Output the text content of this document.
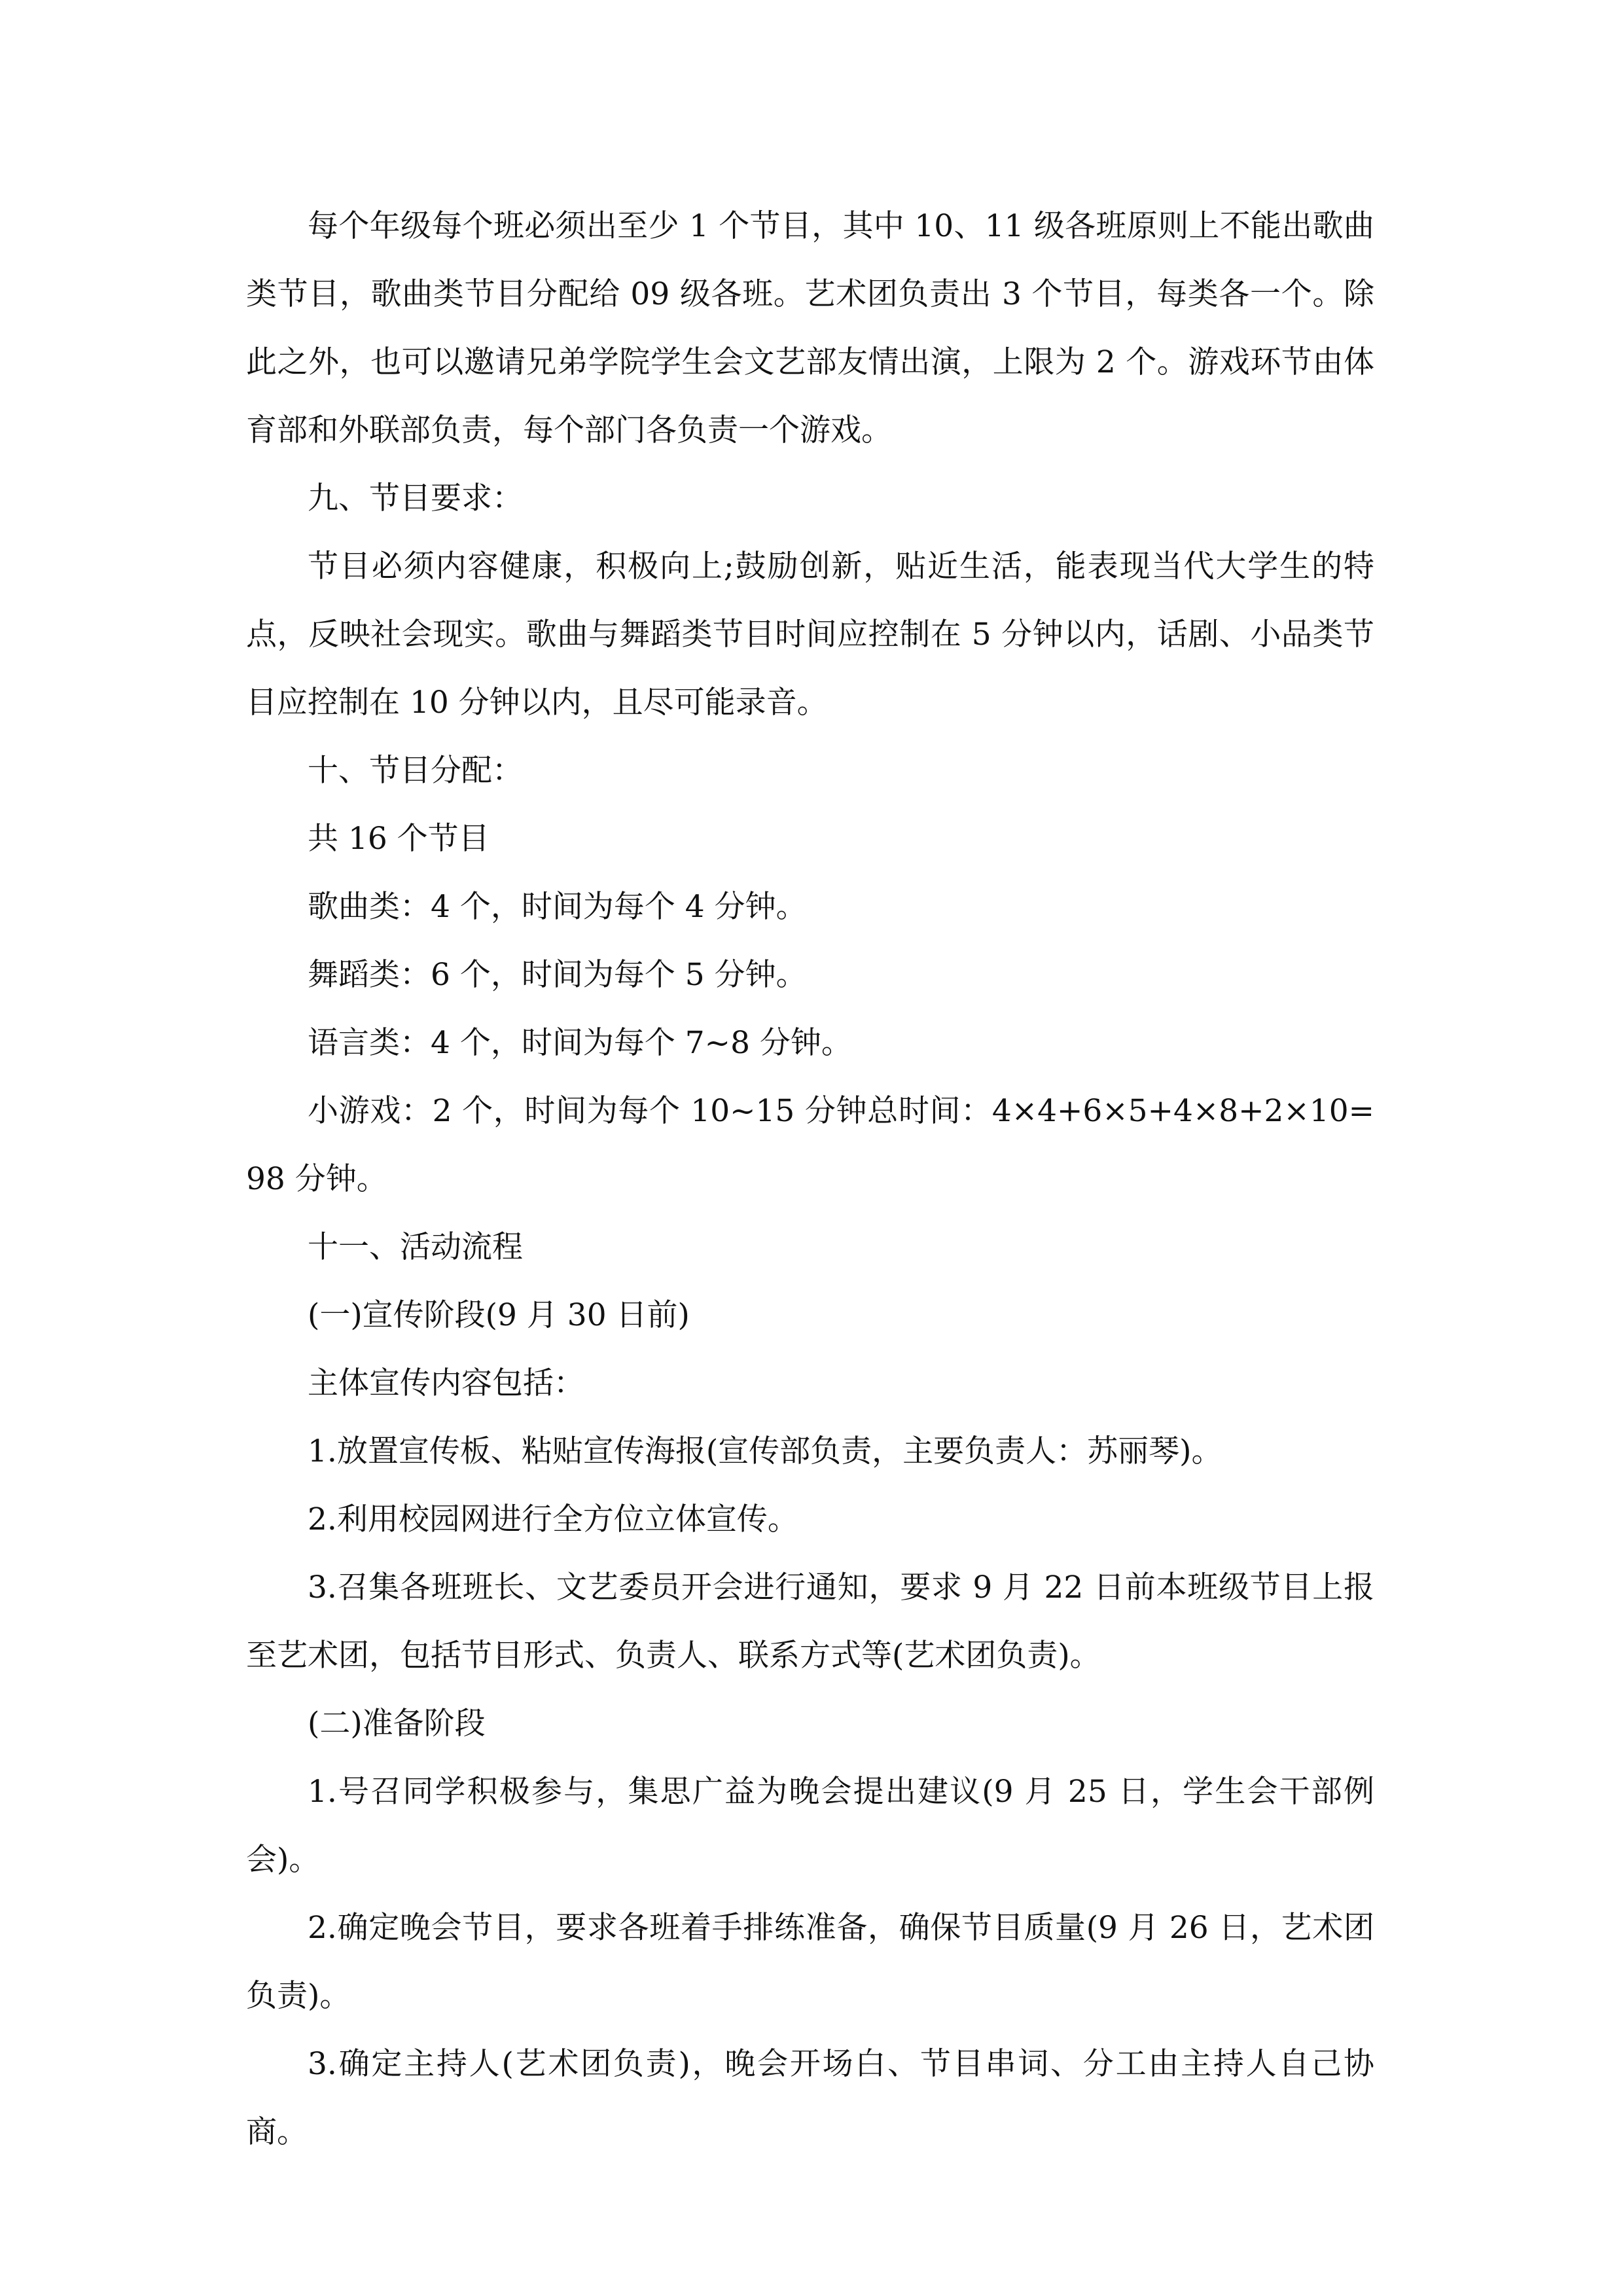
每个年级每个班必须出至少 1 个节目，其中 10、11 级各班原则上不能出歌曲类节目，歌曲类节目分配给 09 级各班。艺术团负责出 3 个节目，每类各一个。除此之外，也可以邀请兄弟学院学生会文艺部友情出演，上限为 2 个。游戏环节由体育部和外联部负责，每个部门各负责一个游戏。

九、节目要求：

节目必须内容健康，积极向上;鼓励创新，贴近生活，能表现当代大学生的特点，反映社会现实。歌曲与舞蹈类节目时间应控制在 5 分钟以内，话剧、小品类节目应控制在 10 分钟以内，且尽可能录音。

十、节目分配：

共 16 个节目

歌曲类：4 个，时间为每个 4 分钟。

舞蹈类：6 个，时间为每个 5 分钟。

语言类：4 个，时间为每个 7~8 分钟。

小游戏：2 个，时间为每个 10~15 分钟总时间：4×4+6×5+4×8+2×10=98 分钟。

十一、活动流程

(一)宣传阶段(9 月 30 日前)

主体宣传内容包括：

1.放置宣传板、粘贴宣传海报(宣传部负责，主要负责人：苏丽琴)。

2.利用校园网进行全方位立体宣传。

3.召集各班班长、文艺委员开会进行通知，要求 9 月 22 日前本班级节目上报至艺术团，包括节目形式、负责人、联系方式等(艺术团负责)。

(二)准备阶段

1.号召同学积极参与，集思广益为晚会提出建议(9 月 25 日，学生会干部例会)。

2.确定晚会节目，要求各班着手排练准备，确保节目质量(9 月 26 日，艺术团负责)。

3.确定主持人(艺术团负责)，晚会开场白、节目串词、分工由主持人自己协商。
